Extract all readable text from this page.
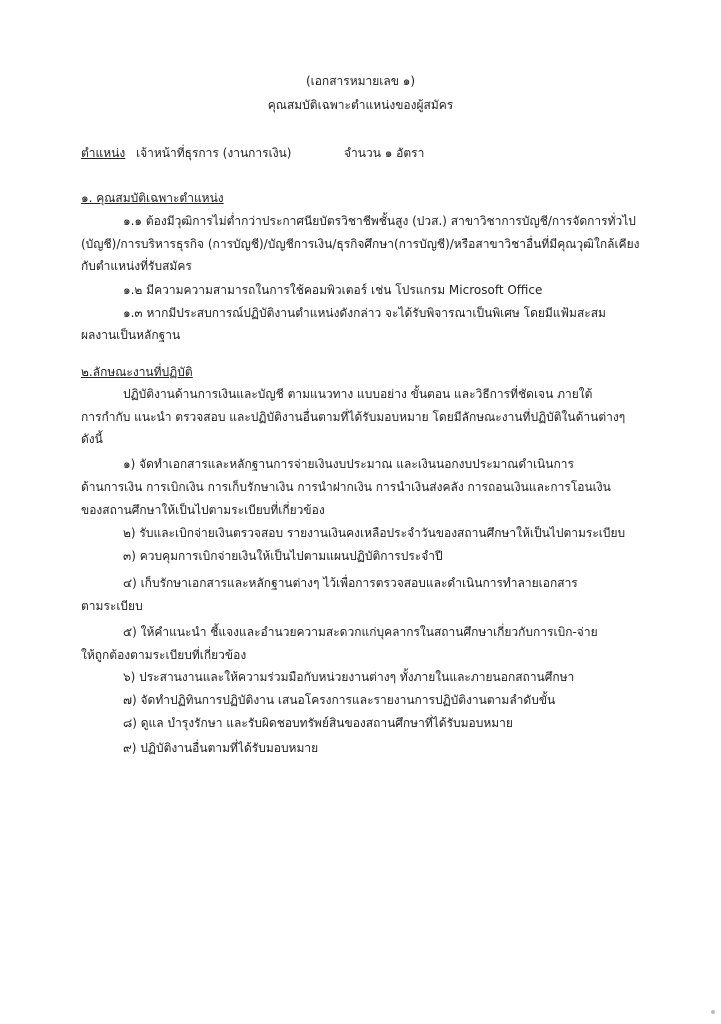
(เอกสารหมายเลข ๑)
คุณสมบัติเฉพาะตำแหน่งของผู้สมัคร
ตำแหน่ง เจ้าหน้าที่ธุรการ (งานการเงิน)	จำนวน ๑ อัตรา
๑. คุณสมบัติเฉพาะตำแหน่ง
๑.๑ ต้องมีวุฒิการไม่ต่ำกว่าประกาศนียบัตรวิชาชีพชั้นสูง (ปวส.) สาขาวิชาการบัญชี/การจัดการทั่วไป
(บัญชี)/การบริหารธุรกิจ (การบัญชี)/บัญชีการเงิน/ธุรกิจศึกษา(การบัญชี)/หรือสาขาวิชาอื่นที่มีคุณวุฒิใกล้เคียง
กับตำแหน่งที่รับสมัคร
๑.๒ มีความความสามารถในการใช้คอมพิวเตอร์ เช่น โปรแกรม Microsoft Office
๑.๓ หากมีประสบการณ์ปฏิบัติงานตำแหน่งดังกล่าว จะได้รับพิจารณาเป็นพิเศษ โดยมีแฟ้มสะสม
ผลงานเป็นหลักฐาน
๒.ลักษณะงานที่ปฏิบัติ
ปฏิบัติงานด้านการเงินและบัญชี ตามแนวทาง แบบอย่าง ขั้นตอน และวิธีการที่ชัดเจน ภายใต้
การกำกับ แนะนำ ตรวจสอบ และปฏิบัติงานอื่นตามที่ได้รับมอบหมาย โดยมีลักษณะงานที่ปฏิบัติในด้านต่างๆ
ดังนี้
๑) จัดทำเอกสารและหลักฐานการจ่ายเงินงบประมาณ และเงินนอกงบประมาณดำเนินการ
ด้านการเงิน การเบิกเงิน การเก็บรักษาเงิน การนำฝากเงิน การนำเงินส่งคลัง การถอนเงินและการโอนเงิน
ของสถานศึกษาให้เป็นไปตามระเบียบที่เกี่ยวข้อง
๒) รับและเบิกจ่ายเงินตรวจสอบ รายงานเงินคงเหลือประจำวันของสถานศึกษาให้เป็นไปตามระเบียบ
๓) ควบคุมการเบิกจ่ายเงินให้เป็นไปตามแผนปฏิบัติการประจำปี
๔) เก็บรักษาเอกสารและหลักฐานต่างๆ ไว้เพื่อการตรวจสอบและดำเนินการทำลายเอกสาร
ตามระเบียบ
๕) ให้คำแนะนำ ชี้แจงและอำนวยความสะดวกแก่บุคลากรในสถานศึกษาเกี่ยวกับการเบิก-จ่าย
ให้ถูกต้องตามระเบียบที่เกี่ยวข้อง
๖) ประสานงานและให้ความร่วมมือกับหน่วยงานต่างๆ ทั้งภายในและภายนอกสถานศึกษา
๗) จัดทำปฏิทินการปฏิบัติงาน เสนอโครงการและรายงานการปฏิบัติงานตามลำดับขั้น
๘) ดูแล บำรุงรักษา และรับผิดชอบทรัพย์สินของสถานศึกษาที่ได้รับมอบหมาย
๙) ปฏิบัติงานอื่นตามที่ได้รับมอบหมาย
